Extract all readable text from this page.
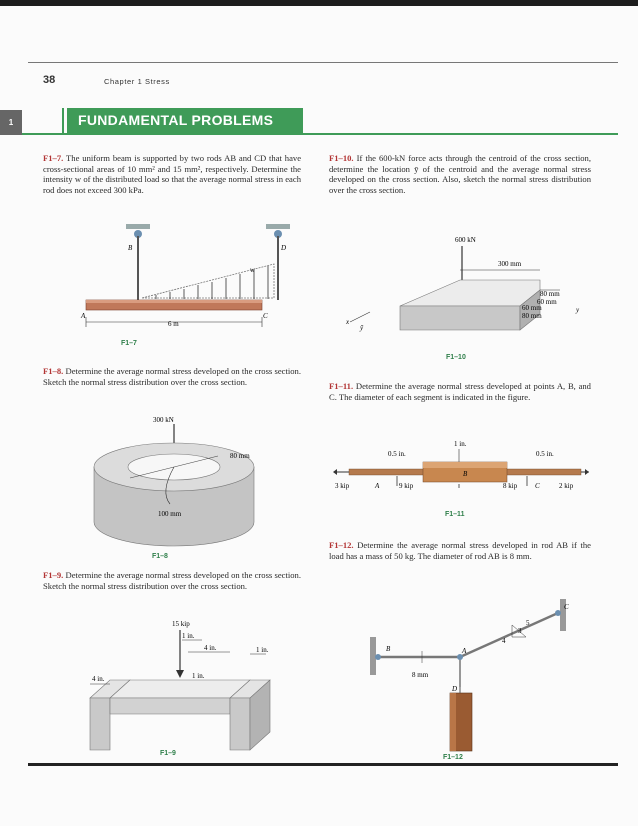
38	Chapter 1 Stress
1	FUNDAMENTAL PROBLEMS
F1–7. The uniform beam is supported by two rods AB and CD that have cross-sectional areas of 10 mm² and 15 mm², respectively. Determine the intensity w of the distributed load so that the average normal stress in each rod does not exceed 300 kPa.
F1–10. If the 600-kN force acts through the centroid of the cross section, determine the location ȳ of the centroid and the average normal stress developed on the cross section. Also, sketch the normal stress distribution over the cross section.
F1–8. Determine the average normal stress developed on the cross section. Sketch the normal stress distribution over the cross section.	F1–11. Determine the average normal stress developed at points A, B, and C. The diameter of each segment is indicated in the figure.
F1–9. Determine the average normal stress developed on the cross section. Sketch the normal stress distribution over the cross section.
F1–12. Determine the average normal stress developed in rod AB if the load has a mass of 50 kg. The diameter of rod AB is 8 mm.
6 m
B	D
w
A	C
F1–7
300 kN
80 mm
100 mm
F1–8
15 kip
1 in.
4 in.	1 in.
4 in.	1 in.
F1–9
600 kN
300 mm
80 mm
60 mm
60 mm
80 mm
y
x
ȳ
F1–10
1 in.
0.5 in.	0.5 in.
3 kip	A	9 kip
B
8 kip	C	2 kip
F1–11
5
3
4
B	A
C
D
8 mm
F1–12
